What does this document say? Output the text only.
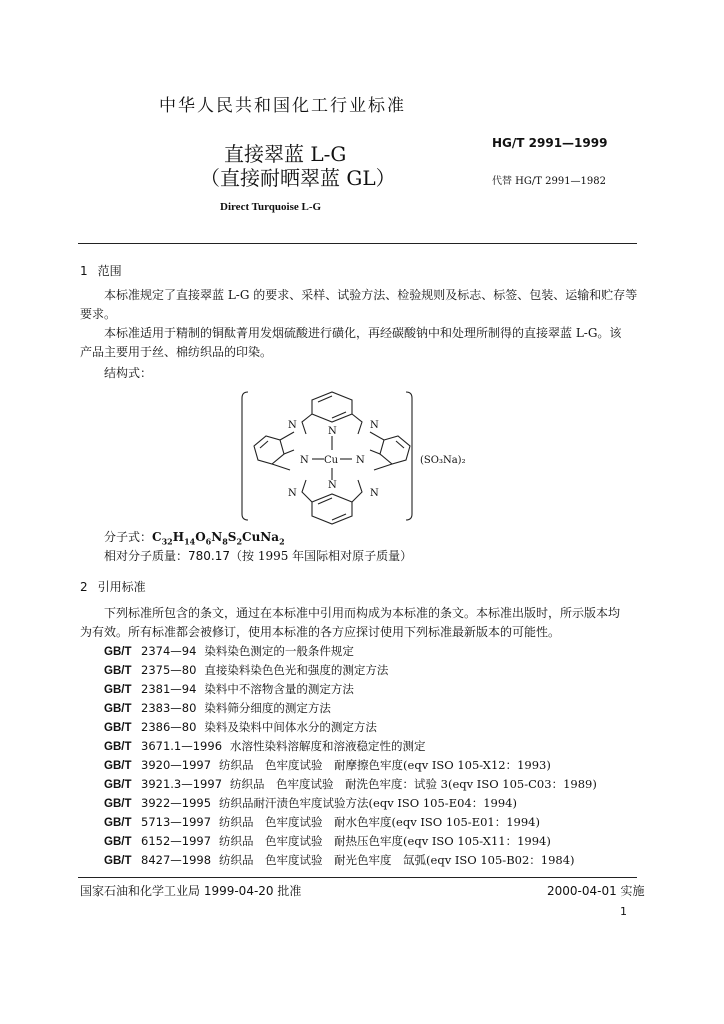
中华人民共和国化工行业标准
直接翠蓝 L-G
（直接耐晒翠蓝 GL）
HG/T 2991—1999
代替 HG/T 2991—1982
Direct Turquoise L-G
1 范围
本标准规定了直接翠蓝 L-G 的要求、采样、试验方法、检验规则及标志、标签、包装、运输和贮存等
要求。
本标准适用于精制的铜酞菁用发烟硫酸进行磺化，再经碳酸钠中和处理所制得的直接翠蓝 L-G。该
产品主要用于丝、棉纺织品的印染。
结构式：
N	N
N
N	N
N
N	N
Cu	(SO₃Na)₂
分子式：$C_{32}H_{14}O_6N_8S_2CuNa_2$
相对分子质量：780.17（按 1995 年国际相对原子质量）
2 引用标准
下列标准所包含的条文，通过在本标准中引用而构成为本标准的条文。本标准出版时，所示版本均
为有效。所有标准都会被修订，使用本标准的各方应探讨使用下列标准最新版本的可能性。
GB/T 2374—94 染料染色测定的一般条件规定
GB/T 2375—80 直接染料染色色光和强度的测定方法
GB/T 2381—94 染料中不溶物含量的测定方法
GB/T 2383—80 染料筛分细度的测定方法
GB/T 2386—80 染料及染料中间体水分的测定方法
GB/T 3671.1—1996 水溶性染料溶解度和溶液稳定性的测定
GB/T 3920—1997 纺织品　色牢度试验　耐摩擦色牢度(eqv ISO 105-X12：1993)
GB/T 3921.3—1997 纺织品　色牢度试验　耐洗色牢度：试验 3(eqv ISO 105-C03：1989)
GB/T 3922—1995 纺织品耐汗渍色牢度试验方法(eqv ISO 105-E04：1994)
GB/T 5713—1997 纺织品　色牢度试验　耐水色牢度(eqv ISO 105-E01：1994)
GB/T 6152—1997 纺织品　色牢度试验　耐热压色牢度(eqv ISO 105-X11：1994)
GB/T 8427—1998 纺织品　色牢度试验　耐光色牢度　氙弧(eqv ISO 105-B02：1984)
国家石油和化学工业局 1999-04-20 批准	2000-04-01 实施
1
